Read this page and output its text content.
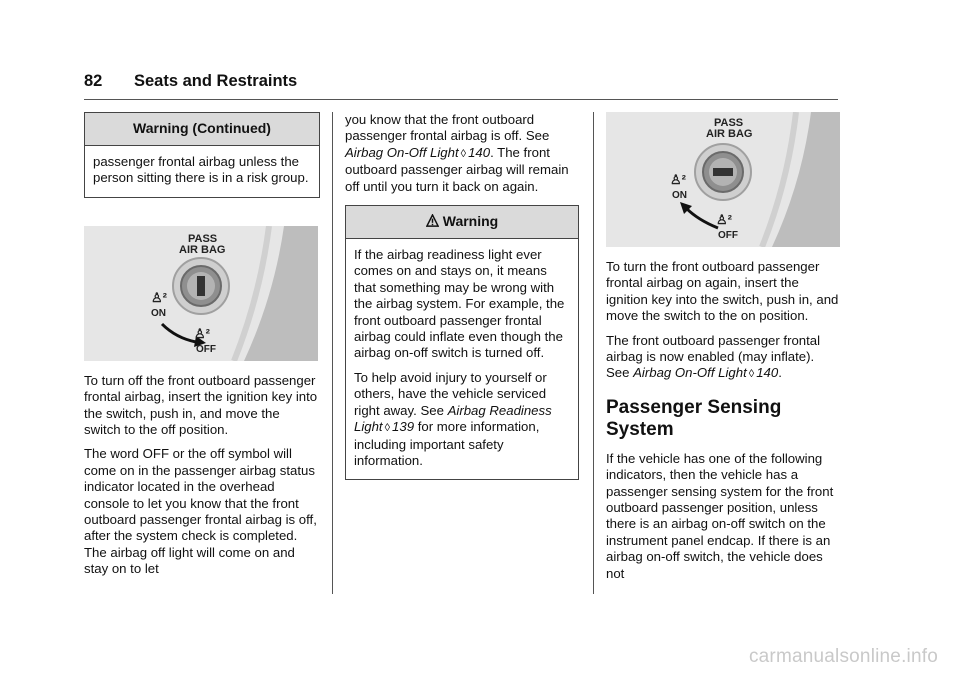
82 Seats and Restraints
Warning (Continued)

passenger frontal airbag unless the person sitting there is in a risk group.

PASS AIR BAG
♙²
ON
♙²
OFF

To turn off the front outboard passenger frontal airbag, insert the ignition key into the switch, push in, and move the switch to the off position.

The word OFF or the off symbol will come on in the passenger airbag status indicator located in the overhead console to let you know that the front outboard passenger frontal airbag is off, after the system check is completed. The airbag off light will come on and stay on to let

you know that the front outboard passenger frontal airbag is off. See Airbag On-Off Light ◊ 140. The front outboard passenger airbag will remain off until you turn it back on again.

Warning

If the airbag readiness light ever comes on and stays on, it means that something may be wrong with the airbag system. For example, the front outboard passenger frontal airbag could inflate even though the airbag on-off switch is turned off.

To help avoid injury to yourself or others, have the vehicle serviced right away. See Airbag Readiness Light ◊ 139 for more information, including important safety information.

PASS AIR BAG
♙²
ON
♙²
OFF

To turn the front outboard passenger frontal airbag on again, insert the ignition key into the switch, push in, and move the switch to the on position.

The front outboard passenger frontal airbag is now enabled (may inflate). See Airbag On-Off Light ◊ 140.

Passenger Sensing System

If the vehicle has one of the following indicators, then the vehicle has a passenger sensing system for the front outboard passenger position, unless there is an airbag on-off switch on the instrument panel endcap. If there is an airbag on-off switch, the vehicle does not

carmanualsonline.info
